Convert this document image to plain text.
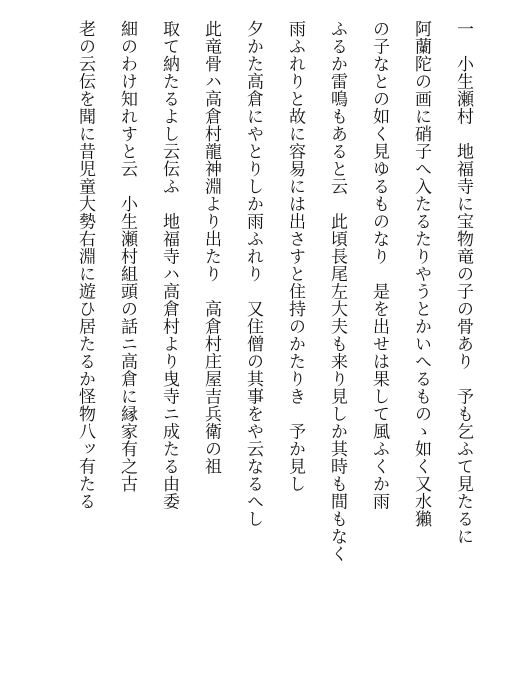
一　小生瀬村　地福寺に宝物竜の子の骨あり　予も乞ふて見たるに
阿蘭陀の画に硝子へ入たるたりやうとかいへるものゝ如く又水獺
の子なとの如く見ゆるものなり　是を出せは果して風ふくか雨
ふるか雷鳴もあると云　此頃長尾左大夫も来り見しか其時も間もなく
雨ふれりと故に容易には出さすと住持のかたりき　予か見し
夕かた高倉にやとりしか雨ふれり　又住僧の其事をや云なるへし
此竜骨ハ高倉村龍神淵より出たり　高倉村庄屋吉兵衛の祖
取て納たるよし云伝ふ　地福寺ハ高倉村より曳寺ニ成たる由委
細のわけ知れすと云　小生瀬村組頭の話ニ高倉に縁家有之古
老の云伝を聞に昔児童大勢右淵に遊ひ居たるか怪物八ッ有たる
